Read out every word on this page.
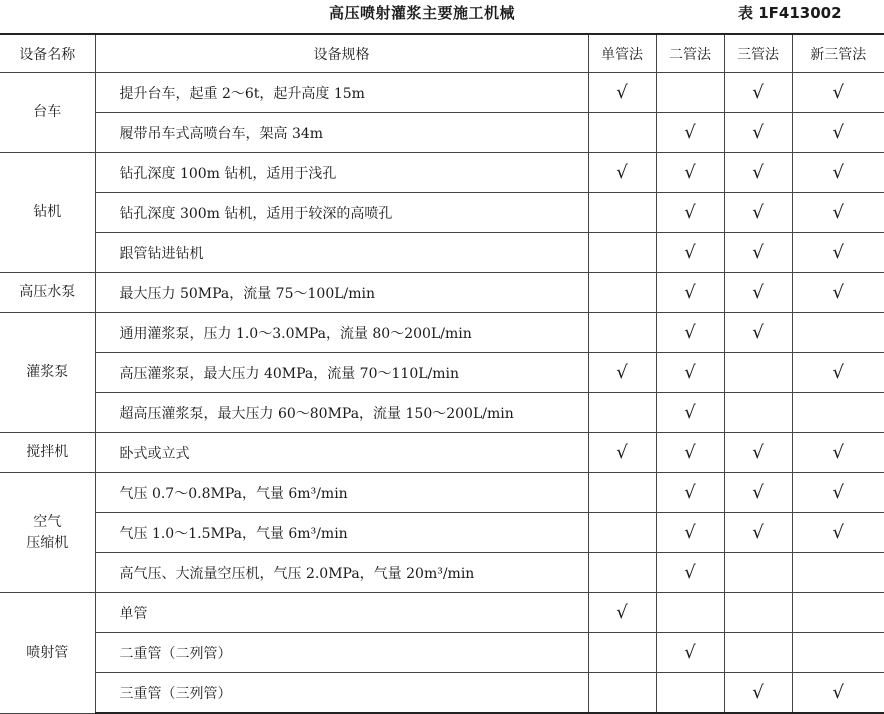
高压喷射灌浆主要施工机械	表 1F413002
设备名称	设备规格	单管法	二管法	三管法	新三管法
台车	提升台车，起重 2～6t，起升高度 15m	√		√	√
	履带吊车式高喷台车，架高 34m		√	√	√
钻机	钻孔深度 100m 钻机，适用于浅孔	√	√	√	√
	钻孔深度 300m 钻机，适用于较深的高喷孔		√	√	√
	跟管钻进钻机		√	√	√
高压水泵	最大压力 50MPa，流量 75～100L/min		√	√	√
灌浆泵	通用灌浆泵，压力 1.0～3.0MPa，流量 80～200L/min		√	√	
	高压灌浆泵，最大压力 40MPa，流量 70～110L/min	√	√		√
	超高压灌浆泵，最大压力 60～80MPa，流量 150～200L/min		√		
搅拌机	卧式或立式	√	√	√	√
空气
压缩机	气压 0.7～0.8MPa，气量 6m³/min		√	√	√
	气压 1.0～1.5MPa，气量 6m³/min		√	√	√
	高气压、大流量空压机，气压 2.0MPa，气量 20m³/min		√		
喷射管	单管	√			
	二重管（二列管）		√		
	三重管（三列管）			√	√
